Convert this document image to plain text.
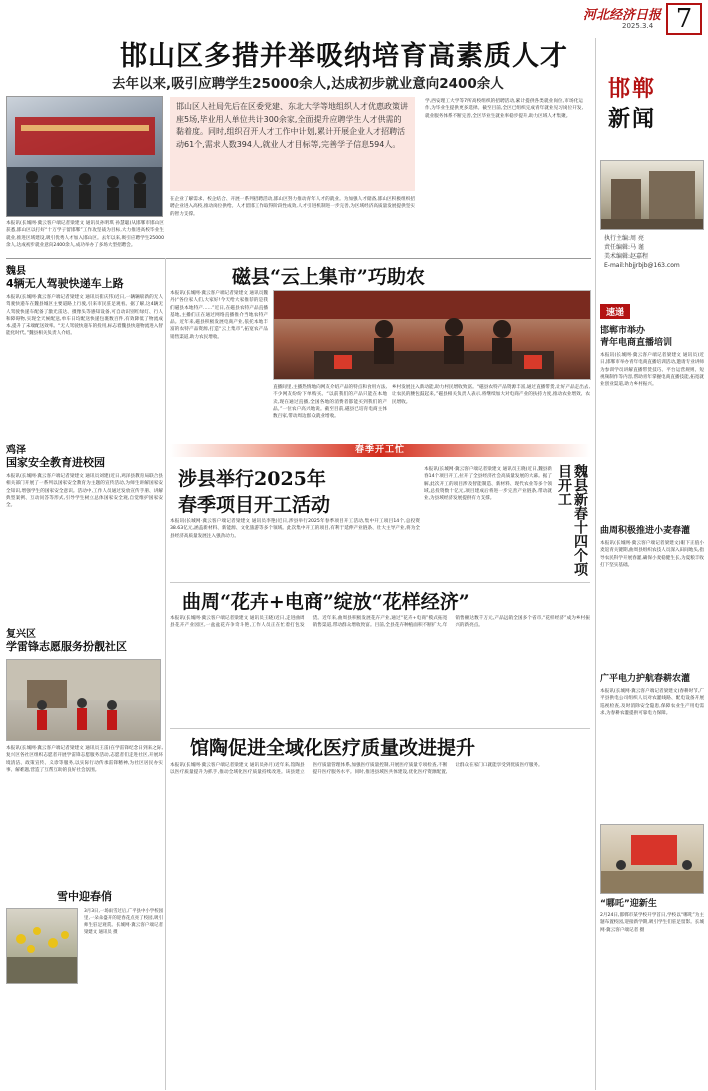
河北经济日报
2025.3.4 7
邯山区多措并举吸纳培育高素质人才
去年以来,吸引应聘学生25000余人,达成初步就业意向2400余人
邯山区人社局先后在区委党建、东北大学等地组织人才优惠政策讲座5场,毕业用人单位共计300余家,全面提升应聘学生人才供需的黏着度。同时,组织召开人才工作中计划,累计开展企业人才招聘活动61个,需求人数394人,就业人才目标等,完善学子信息594人。
在企业了解需求、校企结合、开展一系列招聘活动,邯山区努力推动青年人才的就业。为加强人才储备,邯山区积极组织招聘企业进入高校,推动岗位供给。人才留邯工作取得阶段性成效,人才引进机制进一步完善,为区域经济高质量发展提供坚实的智力支撑。
学,西安理工大学等7所高校组织的招聘活动,累计提供各类就业岗位,市场化运作,为毕业生提供更多选择。截至目前,全区已组织完成青年就业见习岗位开发,就业服务体系不断完善,全区毕业生就业率稳步提升,助力区域人才集聚。
本报讯(长城网·冀云客户端记者梁建文 通讯员孙明琪 孙慧聪)从邯郸市邯山区获悉,邯山区以打好“十万学子留邯郸”工作攻坚战为目标,大力推进高校毕业生就业,推进区域建设,吸引优秀人才加入邯山区。去年以来,吸引应聘学生25000余人,达成初步就业意向2400余人,成功举办了多场大型招聘会。
邯郸
新闻
执行主编:周 亮
责任编辑:马 谨
美术编辑:赵嘉程
E-mail:hbjjrbjb@163.com
魏县
4辆无人驾驶快递车上路
本报讯(长城网·冀云客户端记者梁建文 通讯员崔庆伟)近日,一辆辆崭新的无人驾驶快递车在魏县城区主要道路上行驶,引来市民驻足观看。据了解,这4辆无人驾驶快递车配备了激光雷达、摄像头等感知设备,可自动识别红绿灯、行人和障碍物,实现全天候配送,单车日均配送快递包裹数百件,有效降低了物流成本,提升了末端配送效率。“无人驾驶快递车的投用,标志着魏县快递物流进入智能化时代。”魏县相关负责人介绍。
鸡泽
国家安全教育进校园
本报讯(长城网·冀云客户端记者梁建文 通讯员刘建)近日,鸡泽县教育局联合县相关部门开展了一系列以国家安全教育为主题的宣传活动,为师生讲解国家安全知识,增强学生的国家安全意识。活动中,工作人员通过发放宣传手册、讲解典型案例、互动问答等形式,引导学生树立总体国家安全观,自觉维护国家安全。
复兴区
学雷锋志愿服务扮靓社区
本报讯(长城网·冀云客户端记者梁建文 通讯员王雷)在学雷锋纪念日到来之际,复兴区各社区组织志愿者开展学雷锋志愿服务活动,志愿者们走进社区,开展环境清洁、政策宣传、义诊等服务,以实际行动传承雷锋精神,为社区居民办实事、解难题,营造了互帮互助的良好社会氛围。
雪中迎春俏
3月3日,一场雨雪过后,广平县中小学校园里,一朵朵盛开的迎春花点亮了校园,吸引师生驻足观赏。长城网·冀云客户端记者 梁建文 通讯员 摄
磁县“云上集市”巧助农
本报讯(长城网·冀云客户端记者梁建文 通讯员魏丹)“各位家人们,大家好!今天给大家推荐的是我们磁县本地特产……”近日,在磁县农特产品直播基地,主播们正在通过网络直播推介当地农特产品。近年来,磁县积极发展电商产业,依托本地丰富的农特产品资源,打造“云上集市”,拓宽农产品销售渠道,助力农民增收。
直播间里,主播热情地向网友介绍产品的特点和食用方法,不少网友纷纷下单购买。“以前我们的产品只能在本地卖,现在通过直播,全国各地的消费者都能买到我们的产品。”一位农户高兴地说。截至目前,磁县已培育电商主体数百家,带动周边群众就业增收。
乡村发展注入新动能,助力村民增收致富。“磁县农特产品资源丰富,通过直播带货,让好产品走出去,让农民的腰包鼓起来。”磁县相关负责人表示,将继续加大对电商产业的扶持力度,推动农业增效、农民增收。
春季开工忙
涉县举行2025年
春季项目开工活动
本报讯(长城网·冀云客户端记者梁建文 通讯员李艳)近日,涉县举行2025年春季项目开工活动,集中开工项目14个,总投资38.63亿元,涵盖新材料、新能源、文化旅游等多个领域。此次集中开工的项目,有利于延伸产业链条、壮大主导产业,将为全县经济高质量发展注入强劲动力。
本报讯(长城网·冀云客户端记者梁建文 通讯员王晓)近日,魏县新春14个项目开工,拉开了全县经济社会高质量发展的大幕。据了解,此次开工的项目涉及智能制造、新材料、现代农业等多个领域,总投资数十亿元,项目建成后将进一步完善产业链条,带动就业,为县域经济发展提供有力支撑。	魏县新春十四个项目开工
曲周“花卉+电商”绽放“花样经济”
本报讯(长城网·冀云客户端记者梁建文 通讯员王晓)近日,走进曲周县花卉产业园区,一盆盆花卉争奇斗艳,工作人员正在忙着打包发货。近年来,曲周县积极发展花卉产业,通过“花卉+电商”模式拓宽销售渠道,带动群众增收致富。目前,全县花卉种植面积不断扩大,年销售额达数千万元,产品远销全国多个省市,“花样经济”成为乡村振兴的新亮点。
馆陶促进全域化医疗质量改进提升
本报讯(长城网·冀云客户端记者梁建文 通讯员孙月)近年来,馆陶县以医疗质量提升为抓手,推动全域化医疗质量持续改进。该县建立医疗质量管理体系,加强医疗质量控制,开展医疗质量专项检查,不断提升医疗服务水平。同时,推进县域医共体建设,优化医疗资源配置,让群众在家门口就能享受到优质医疗服务。
速递
邯郸市举办
青年电商直播培训
本报讯(长城网·冀云客户端记者梁建文 通讯员)近日,邯郸市举办青年电商直播培训活动,邀请专业讲师为参训学员讲解直播带货技巧、平台运营规则、短视频制作等内容,帮助青年掌握电商直播技能,拓宽就业创业渠道,助力乡村振兴。
曲周积极推进小麦春灌
本报讯(长城网·冀云客户端记者梁建文)眼下正值小麦返青关键期,曲周县组织农技人员深入田间地头,指导农民科学开展春灌,确保小麦稳健生长,为夏粮丰收打下坚实基础。
广平电力护航春耕农灌
本报讯(长城网·冀云客户端记者梁建文)春耕时节,广平县供电公司组织人员对农灌线路、配电设备开展巡视检查,及时消除安全隐患,保障农业生产用电需求,为春耕农灌提供可靠电力保障。
“哪吒”迎新生
2月24日,邯郸市某学校开学首日,学校以“哪吒”为主题布置校园,迎接新学期,吸引学生们驻足留影。长城网·冀云客户端记者 摄
